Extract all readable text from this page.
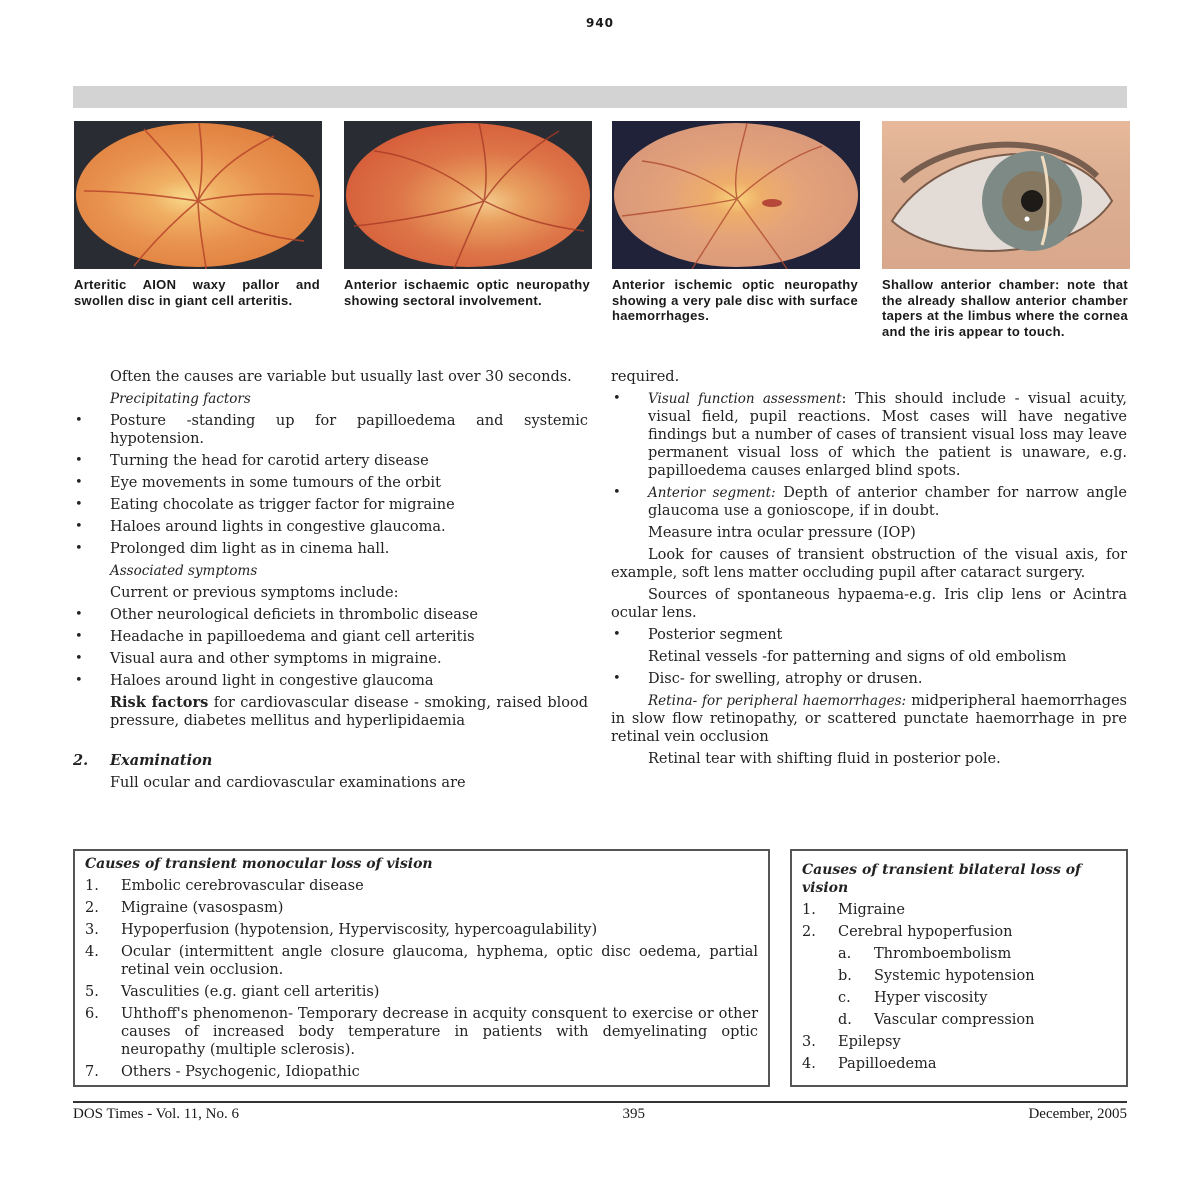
940
Arteritic AION waxy pallor and swollen disc in giant cell arteritis.
Anterior ischaemic optic neuropathy showing sectoral involvement.
Anterior ischemic optic neuropathy showing a very pale disc with surface haemorrhages.
Shallow anterior chamber: note that the already shallow anterior chamber tapers at the limbus where the cornea and the iris appear to touch.
Often the causes are variable but usually last over 30 seconds.
Precipitating factors
• Posture -standing up for papilloedema and systemic hypotension.
• Turning the head for carotid artery disease
• Eye movements in some tumours of the orbit
• Eating chocolate as trigger factor for migraine
• Haloes around lights in congestive glaucoma.
• Prolonged dim light as in cinema hall.
Associated symptoms
Current or previous symptoms include:
• Other neurological deficiets in thrombolic disease
• Headache in papilloedema and giant cell arteritis
• Visual aura and other symptoms in migraine.
• Haloes around light in congestive glaucoma
Risk factors for cardiovascular disease - smoking, raised blood pressure, diabetes mellitus and hyperlipidaemia
2.	Examination
Full ocular and cardiovascular examinations are
required.
• Visual function assessment: This should include - visual acuity, visual field, pupil reactions. Most cases will have negative findings but a number of cases of transient visual loss may leave permanent visual loss of which the patient is unaware, e.g. papilloedema causes enlarged blind spots.
• Anterior segment: Depth of anterior chamber for narrow angle glaucoma use a gonioscope, if in doubt.
Measure intra ocular pressure (IOP)
Look for causes of transient obstruction of the visual axis, for example, soft lens matter occluding pupil after cataract surgery.
Sources of spontaneous hypaema-e.g. Iris clip lens or Acintra ocular lens.
• Posterior segment
Retinal vessels -for patterning and signs of old embolism
• Disc- for swelling, atrophy or drusen.
Retina- for peripheral haemorrhages: midperipheral haemorrhages in slow flow retinopathy, or scattered punctate haemorrhage in pre retinal vein occlusion
Retinal tear with shifting fluid in posterior pole.
Causes of transient monocular loss of vision
1.	Embolic cerebrovascular disease
2.	Migraine (vasospasm)
3.	Hypoperfusion (hypotension, Hyperviscosity, hypercoagulability)
4.	Ocular (intermittent angle closure glaucoma, hyphema, optic disc oedema, partial retinal vein occlusion.
5.	Vasculities (e.g. giant cell arteritis)
6.	Uhthoff's phenomenon- Temporary decrease in acquity consquent to exercise or other causes of increased body temperature in patients with demyelinating optic neuropathy (multiple sclerosis).
7.	Others - Psychogenic, Idiopathic
Causes of transient bilateral loss of vision
1.	Migraine
2.	Cerebral hypoperfusion
a.	Thromboembolism
b.	Systemic hypotension
c.	Hyper viscosity
d.	Vascular compression
3.	Epilepsy
4.	Papilloedema
DOS Times - Vol. 11, No. 6	395	December, 2005
